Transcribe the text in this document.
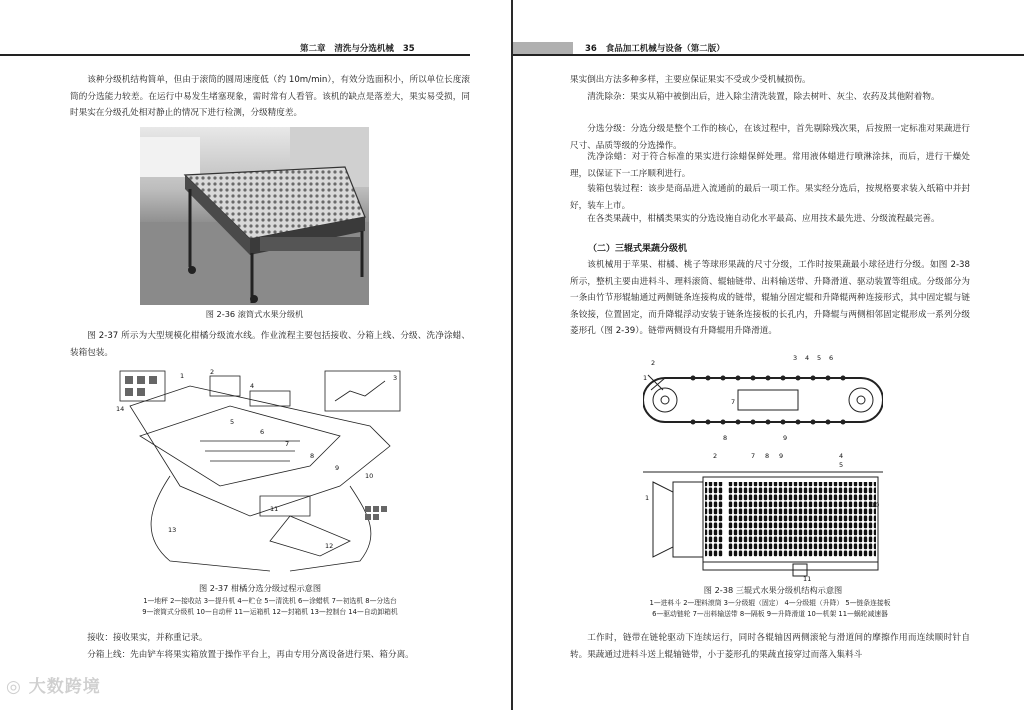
第二章 清洗与分选机械 35

该种分级机结构简单，但由于滚筒的圆周速度低（约 10m/min），有效分选面积小，所以单位长度滚筒的分选能力较差。在运行中易发生堵塞现象，需时常有人看管。该机的缺点是落差大，果实易受损，同时果实在分级孔处相对静止的情况下进行检测，分级精度差。

图 2-36 滚筒式水果分级机

图 2-37 所示为大型规模化柑橘分级流水线。作业流程主要包括接收、分箱上线、分级、洗净涂蜡、装箱包装。

14
1	2
3
4
5
6
7
8
9
10
11
12
13
图 2-37 柑橘分选分级过程示意图
1—地秤 2—接收站 3—提升机 4—贮仓 5—清洗机 6—涂蜡机 7—初选机 8—分选台
9—滚筒式分级机 10—自动秤 11—运箱机 12—封箱机 13—控制台 14—自动卸箱机

接收：接收果实，并称重记录。

分箱上线：先由铲车将果实箱放置于操作平台上，再由专用分离设备进行果、箱分离。

36 食品加工机械与设备（第二版）

果实倒出方法多种多样，主要应保证果实不受或少受机械损伤。

清洗除杂：果实从箱中被倒出后，进入除尘清洗装置，除去树叶、灰尘、农药及其他附着物。

分选分级：分选分级是整个工作的核心，在该过程中，首先剔除残次果，后按照一定标准对果蔬进行尺寸、品质等级的分选操作。

洗净涂蜡：对于符合标准的果实进行涂蜡保鲜处理。常用液体蜡进行喷淋涂抹，而后，进行干燥处理，以保证下一工序顺利进行。

装箱包装过程：该步是商品进入流通前的最后一项工作。果实经分选后，按规格要求装入纸箱中并封好，装车上市。

在各类果蔬中，柑橘类果实的分选设施自动化水平最高、应用技术最先进、分级流程最完善。

（二）三辊式果蔬分级机

该机械用于苹果、柑橘、桃子等球形果蔬的尺寸分级，工作时按果蔬最小球径进行分级。如图 2-38 所示，整机主要由进料斗、理料滚筒、辊轴链带、出料输送带、升降滑道、驱动装置等组成。分级部分为一条由竹节形辊轴通过两侧链条连接构成的链带，辊轴分固定辊和升降辊两种连接形式，其中固定辊与链条铰接，位置固定，而升降辊浮动安装于链条连接板的长孔内，升降辊与两侧相邻固定辊形成一系列分级菱形孔（图 2-39）。链带两侧设有升降辊用升降滑道。

1
2
3 4 5 6
7
8	9
1
2	7 8 9	4
5
10
11
图 2-38 三辊式水果分级机结构示意图
1—进料斗 2—理料滚筒 3—分级辊（固定） 4—分级辊（升降） 5—链条连接板
6—驱动链轮 7—出料输送带 8—隔板 9—升降滑道 10—机架 11—蜗轮减速器

工作时，链带在链轮驱动下连续运行，同时各辊轴因两侧滚轮与滑道间的摩擦作用而连续顺时针自转。果蔬通过进料斗送上辊轴链带，小于菱形孔的果蔬直接穿过而落入集料斗

◎ 大数跨境
